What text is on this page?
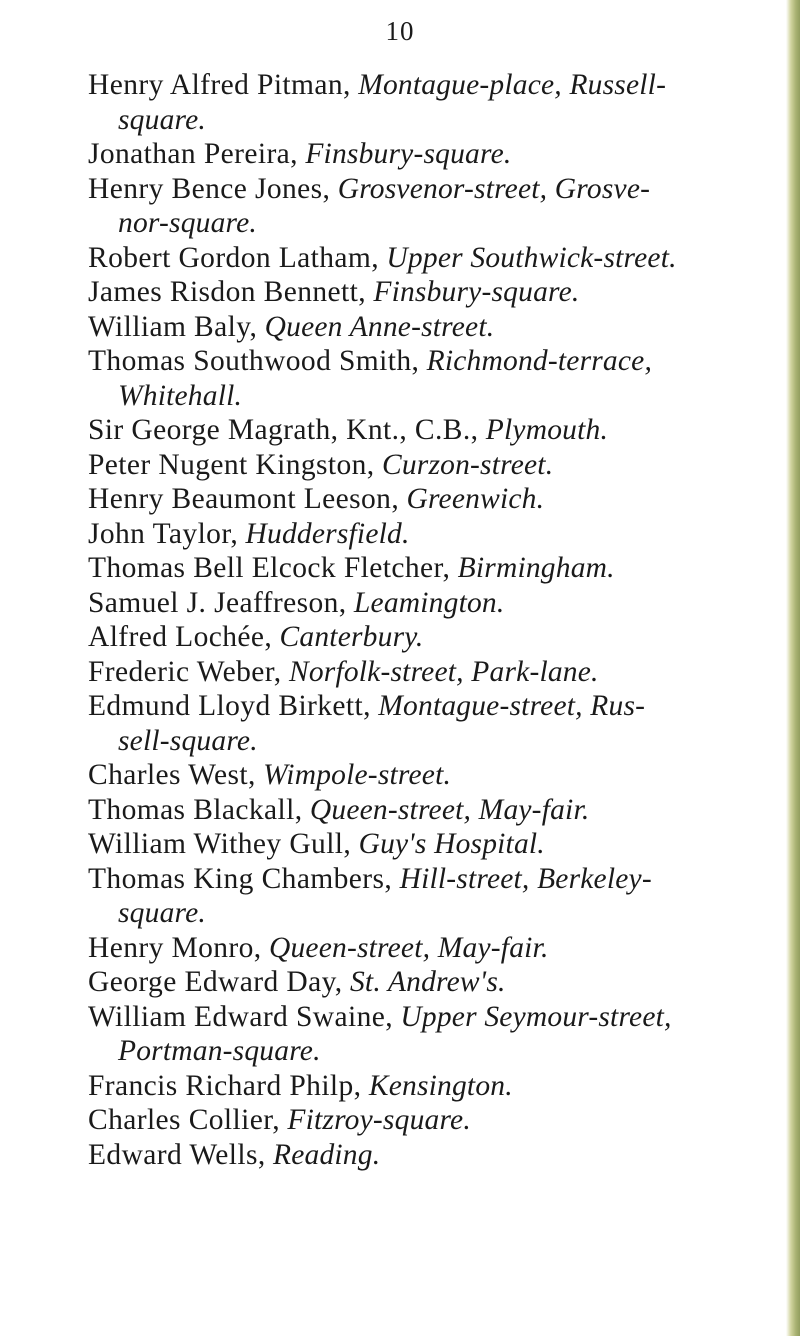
10
Henry Alfred Pitman, Montague-place, Russell-
square.
Jonathan Pereira, Finsbury-square.
Henry Bence Jones, Grosvenor-street, Grosve-
nor-square.
Robert Gordon Latham, Upper Southwick-street.
James Risdon Bennett, Finsbury-square.
William Baly, Queen Anne-street.
Thomas Southwood Smith, Richmond-terrace,
Whitehall.
Sir George Magrath, Knt., C.B., Plymouth.
Peter Nugent Kingston, Curzon-street.
Henry Beaumont Leeson, Greenwich.
John Taylor, Huddersfield.
Thomas Bell Elcock Fletcher, Birmingham.
Samuel J. Jeaffreson, Leamington.
Alfred Lochée, Canterbury.
Frederic Weber, Norfolk-street, Park-lane.
Edmund Lloyd Birkett, Montague-street, Rus-
sell-square.
Charles West, Wimpole-street.
Thomas Blackall, Queen-street, May-fair.
William Withey Gull, Guy's Hospital.
Thomas King Chambers, Hill-street, Berkeley-
square.
Henry Monro, Queen-street, May-fair.
George Edward Day, St. Andrew's.
William Edward Swaine, Upper Seymour-street,
Portman-square.
Francis Richard Philp, Kensington.
Charles Collier, Fitzroy-square.
Edward Wells, Reading.
